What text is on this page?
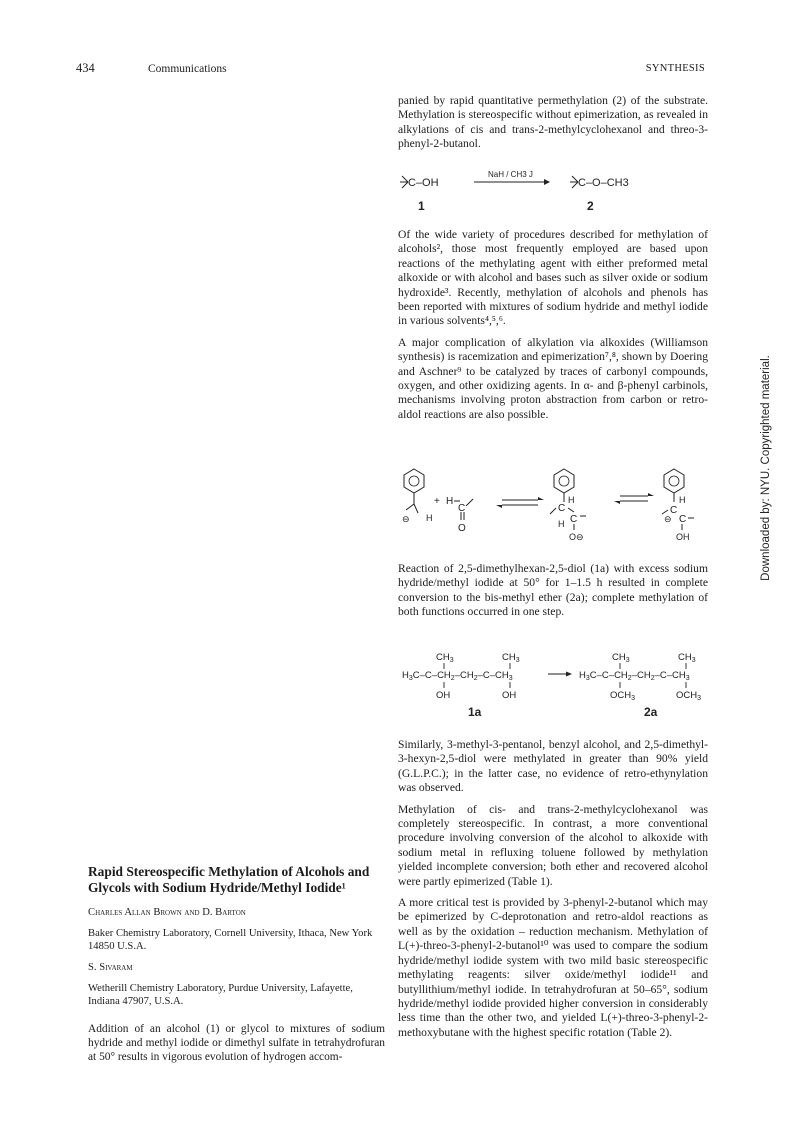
434	Communications	SYNTHESIS
Downloaded by: NYU. Copyrighted material.

panied by rapid quantitative permethylation (2) of the substrate. Methylation is stereospecific without epimerization, as revealed in alkylations of cis and trans-2-methylcyclohexanol and threo-3-phenyl-2-butanol.

C–OH
NaH / CH3 J
C–O–CH3
1	2

Of the wide variety of procedures described for methylation of alcohols², those most frequently employed are based upon reactions of the methylating agent with either preformed metal alkoxide or with alcohol and bases such as silver oxide or sodium hydroxide³. Recently, methylation of alcohols and phenols has been reported with mixtures of sodium hydride and methyl iodide in various solvents⁴,⁵,⁶.

A major complication of alkylation via alkoxides (Williamson synthesis) is racemization and epimerization⁷,⁸, shown by Doering and Aschner⁹ to be catalyzed by traces of carbonyl compounds, oxygen, and other oxidizing agents. In α- and β-phenyl carbinols, mechanisms involving proton abstraction from carbon or retro-aldol reactions are also possible.

⊖ H
+ H
C
O
H
C
C
H
O⊖
H
C
⊖ C
OH

Reaction of 2,5-dimethylhexan-2,5-diol (1a) with excess sodium hydride/methyl iodide at 50° for 1–1.5 h resulted in complete conversion to the bis-methyl ether (2a); complete methylation of both functions occurred in one step.

$CH_3$	$CH_3$
$H_3C-C-CH_2-CH_2-C-CH_3$
OH	OH
$CH_3$	$CH_3$
$H_3C-C-CH_2-CH_2-C-CH_3$
$OCH_3$	$OCH_3$
1a	2a

Similarly, 3-methyl-3-pentanol, benzyl alcohol, and 2,5-dimethyl-3-hexyn-2,5-diol were methylated in greater than 90% yield (G.L.P.C.); in the latter case, no evidence of retro-ethynylation was observed.

Methylation of cis- and trans-2-methylcyclohexanol was completely stereospecific. In contrast, a more conventional procedure involving conversion of the alcohol to alkoxide with sodium metal in refluxing toluene followed by methylation yielded incomplete conversion; both ether and recovered alcohol were partly epimerized (Table 1).

A more critical test is provided by 3-phenyl-2-butanol which may be epimerized by C-deprotonation and retro-aldol reactions as well as by the oxidation – reduction mechanism. Methylation of L(+)-threo-3-phenyl-2-butanol¹⁰ was used to compare the sodium hydride/methyl iodide system with two mild basic stereospecific methylating reagents: silver oxide/methyl iodide¹¹ and butyllithium/methyl iodide. In tetrahydrofuran at 50–65°, sodium hydride/methyl iodide provided higher conversion in considerably less time than the other two, and yielded L(+)-threo-3-phenyl-2-methoxybutane with the highest specific rotation (Table 2).

Rapid Stereospecific Methylation of Alcohols and Glycols with Sodium Hydride/Methyl Iodide¹

Charles Allan Brown and D. Barton

Baker Chemistry Laboratory, Cornell University, Ithaca, New York 14850 U.S.A.

S. Sivaram

Wetherill Chemistry Laboratory, Purdue University, Lafayette, Indiana 47907, U.S.A.

Addition of an alcohol (1) or glycol to mixtures of sodium hydride and methyl iodide or dimethyl sulfate in tetrahydrofuran at 50° results in vigorous evolution of hydrogen accom-
